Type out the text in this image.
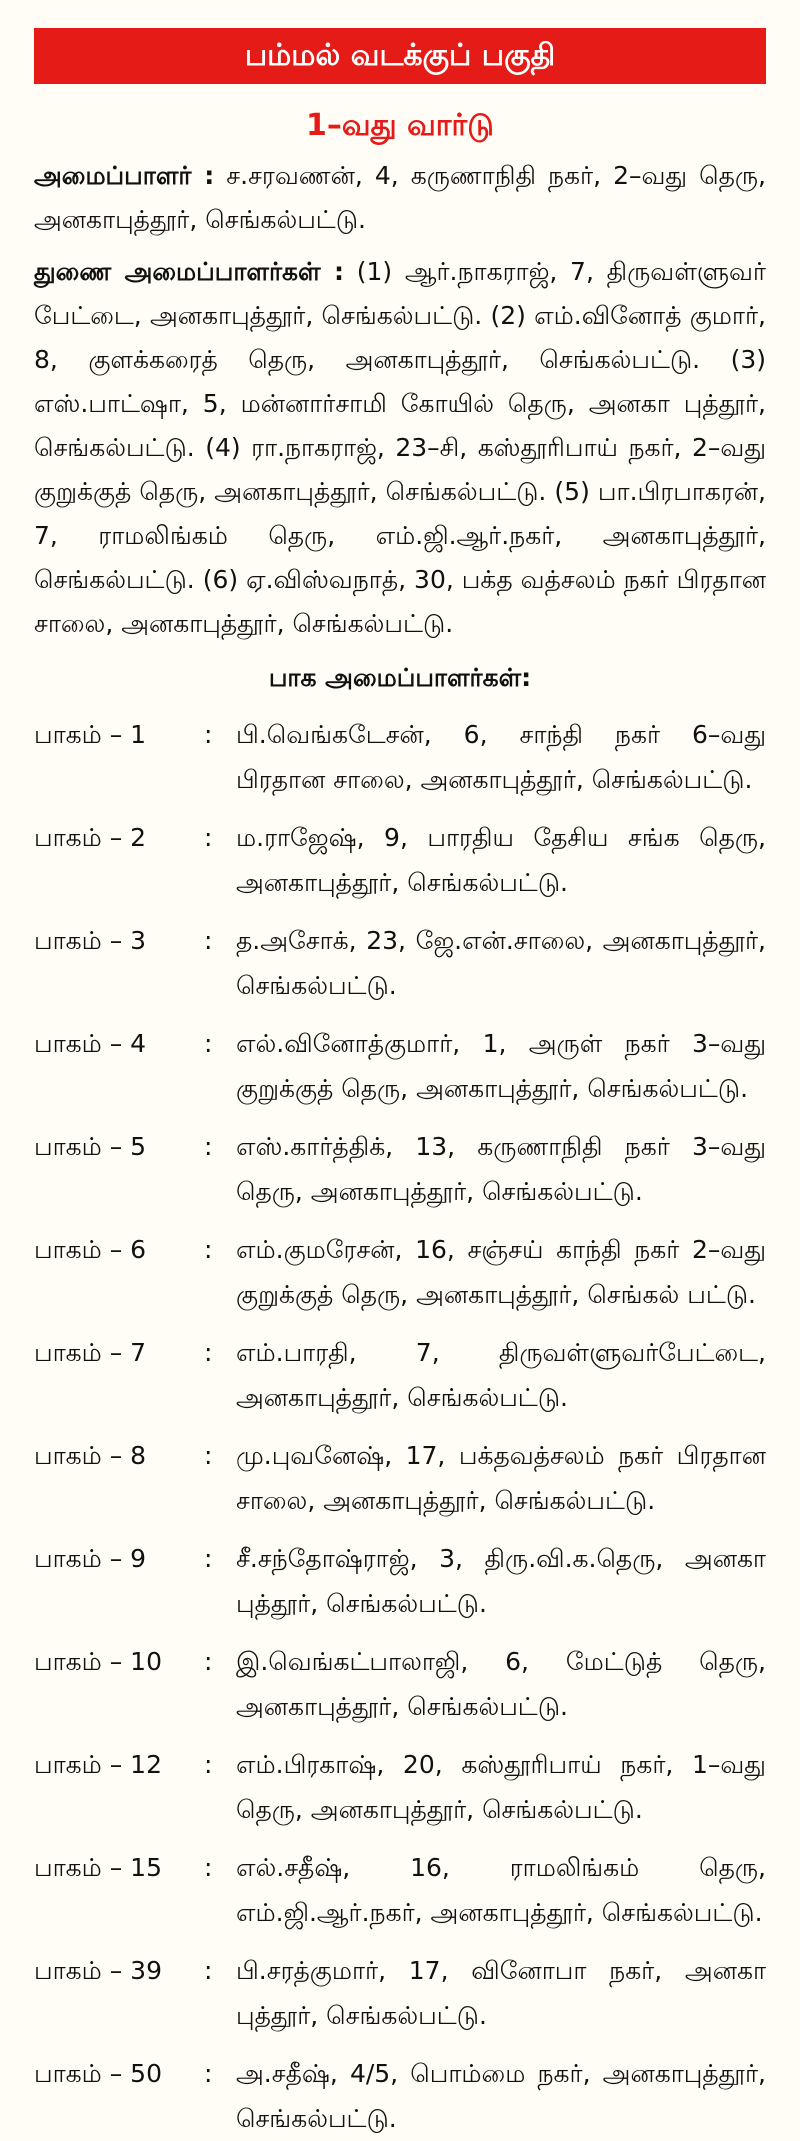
பம்மல் வடக்குப் பகுதி
1–வது வார்டு
அமைப்பாளர் : ச.சரவணன், 4, கருணாநிதி நகர், 2–வது தெரு, அனகாபுத்தூர், செங்கல்பட்டு.
துணை அமைப்பாளர்கள் : (1) ஆர்.நாகராஜ், 7, திருவள்ளுவர் பேட்டை, அனகாபுத்தூர், செங்கல்பட்டு. (2) எம்.வினோத் குமார், 8, குளக்கரைத் தெரு, அனகாபுத்தூர், செங்கல்பட்டு. (3) எஸ்.பாட்ஷா, 5, மன்னார்சாமி கோயில் தெரு, அனகா புத்தூர், செங்கல்பட்டு. (4) ரா.நாகராஜ், 23–சி, கஸ்தூரிபாய் நகர், 2–வது குறுக்குத் தெரு, அனகாபுத்தூர், செங்கல்பட்டு. (5) பா.பிரபாகரன், 7, ராமலிங்கம் தெரு, எம்.ஜி.ஆர்.நகர், அனகாபுத்தூர், செங்கல்பட்டு. (6) ஏ.விஸ்வநாத், 30, பக்த வத்சலம் நகர் பிரதான சாலை, அனகாபுத்தூர், செங்கல்பட்டு.
பாக அமைப்பாளர்கள்:
பாகம் – 1	: பி.வெங்கடேசன், 6, சாந்தி நகர் 6–வது பிரதான சாலை, அனகாபுத்தூர், செங்கல்பட்டு.
பாகம் – 2	: ம.ராஜேஷ், 9, பாரதிய தேசிய சங்க தெரு, அனகாபுத்தூர், செங்கல்பட்டு.
பாகம் – 3	: த.அசோக், 23, ஜே.என்.சாலை, அனகாபுத்தூர், செங்கல்பட்டு.
பாகம் – 4	: எல்.வினோத்குமார், 1, அருள் நகர் 3–வது குறுக்குத் தெரு, அனகாபுத்தூர், செங்கல்பட்டு.
பாகம் – 5	: எஸ்.கார்த்திக், 13, கருணாநிதி நகர் 3–வது தெரு, அனகாபுத்தூர், செங்கல்பட்டு.
பாகம் – 6	: எம்.குமரேசன், 16, சஞ்சய் காந்தி நகர் 2–வது குறுக்குத் தெரு, அனகாபுத்தூர், செங்கல் பட்டு.
பாகம் – 7	: எம்.பாரதி, 7, திருவள்ளுவர்பேட்டை, அனகாபுத்தூர், செங்கல்பட்டு.
பாகம் – 8	: மு.புவனேஷ், 17, பக்தவத்சலம் நகர் பிரதான சாலை, அனகாபுத்தூர், செங்கல்பட்டு.
பாகம் – 9	: சீ.சந்தோஷ்ராஜ், 3, திரு.வி.க.தெரு, அனகா புத்தூர், செங்கல்பட்டு.
பாகம் – 10	: இ.வெங்கட்பாலாஜி, 6, மேட்டுத் தெரு, அனகாபுத்தூர், செங்கல்பட்டு.
பாகம் – 12	: எம்.பிரகாஷ், 20, கஸ்தூரிபாய் நகர், 1–வது தெரு, அனகாபுத்தூர், செங்கல்பட்டு.
பாகம் – 15	: எல்.சதீஷ், 16, ராமலிங்கம் தெரு, எம்.ஜி.ஆர்.நகர், அனகாபுத்தூர், செங்கல்பட்டு.
பாகம் – 39	: பி.சரத்குமார், 17, வினோபா நகர், அனகா புத்தூர், செங்கல்பட்டு.
பாகம் – 50	: அ.சதீஷ், 4/5, பொம்மை நகர், அனகாபுத்தூர், செங்கல்பட்டு.
